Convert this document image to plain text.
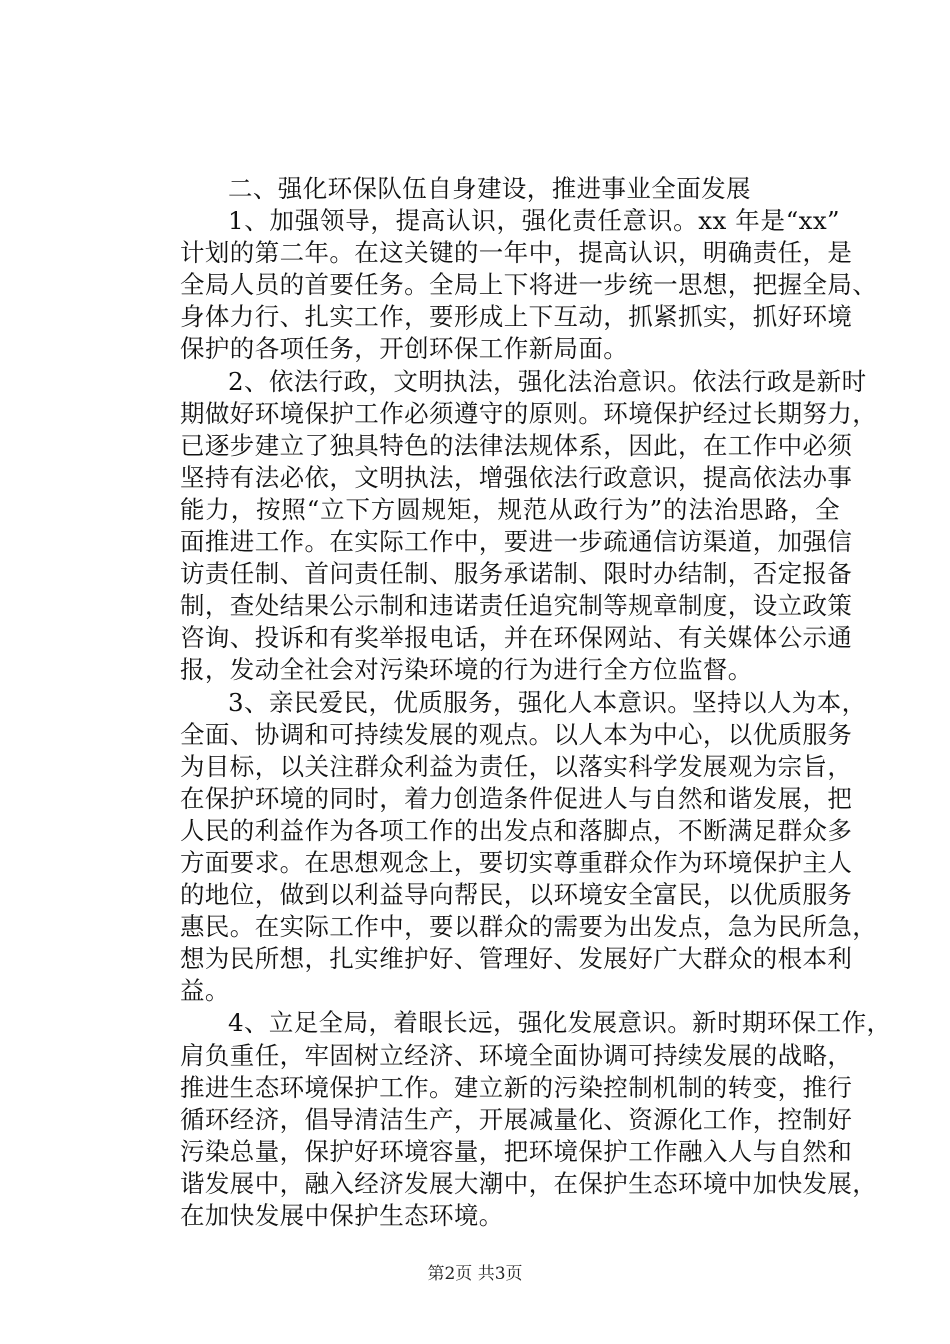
二、强化环保队伍自身建设，推进事业全面发展
1、加强领导，提高认识，强化责任意识。xx 年是“xx”
计划的第二年。在这关键的一年中，提高认识，明确责任，是
全局人员的首要任务。全局上下将进一步统一思想，把握全局、
身体力行、扎实工作，要形成上下互动，抓紧抓实，抓好环境
保护的各项任务，开创环保工作新局面。
2、依法行政，文明执法，强化法治意识。依法行政是新时
期做好环境保护工作必须遵守的原则。环境保护经过长期努力，
已逐步建立了独具特色的法律法规体系，因此，在工作中必须
坚持有法必依，文明执法，增强依法行政意识，提高依法办事
能力，按照“立下方圆规矩，规范从政行为”的法治思路，全
面推进工作。在实际工作中，要进一步疏通信访渠道，加强信
访责任制、首问责任制、服务承诺制、限时办结制，否定报备
制，查处结果公示制和违诺责任追究制等规章制度，设立政策
咨询、投诉和有奖举报电话，并在环保网站、有关媒体公示通
报，发动全社会对污染环境的行为进行全方位监督。
3、亲民爱民，优质服务，强化人本意识。坚持以人为本，
全面、协调和可持续发展的观点。以人本为中心，以优质服务
为目标，以关注群众利益为责任，以落实科学发展观为宗旨，
在保护环境的同时，着力创造条件促进人与自然和谐发展，把
人民的利益作为各项工作的出发点和落脚点，不断满足群众多
方面要求。在思想观念上，要切实尊重群众作为环境保护主人
的地位，做到以利益导向帮民，以环境安全富民，以优质服务
惠民。在实际工作中，要以群众的需要为出发点，急为民所急，
想为民所想，扎实维护好、管理好、发展好广大群众的根本利
益。
4、立足全局，着眼长远，强化发展意识。新时期环保工作，
肩负重任，牢固树立经济、环境全面协调可持续发展的战略，
推进生态环境保护工作。建立新的污染控制机制的转变，推行
循环经济，倡导清洁生产，开展减量化、资源化工作，控制好
污染总量，保护好环境容量，把环境保护工作融入人与自然和
谐发展中，融入经济发展大潮中，在保护生态环境中加快发展，
在加快发展中保护生态环境。
第2页 共3页
